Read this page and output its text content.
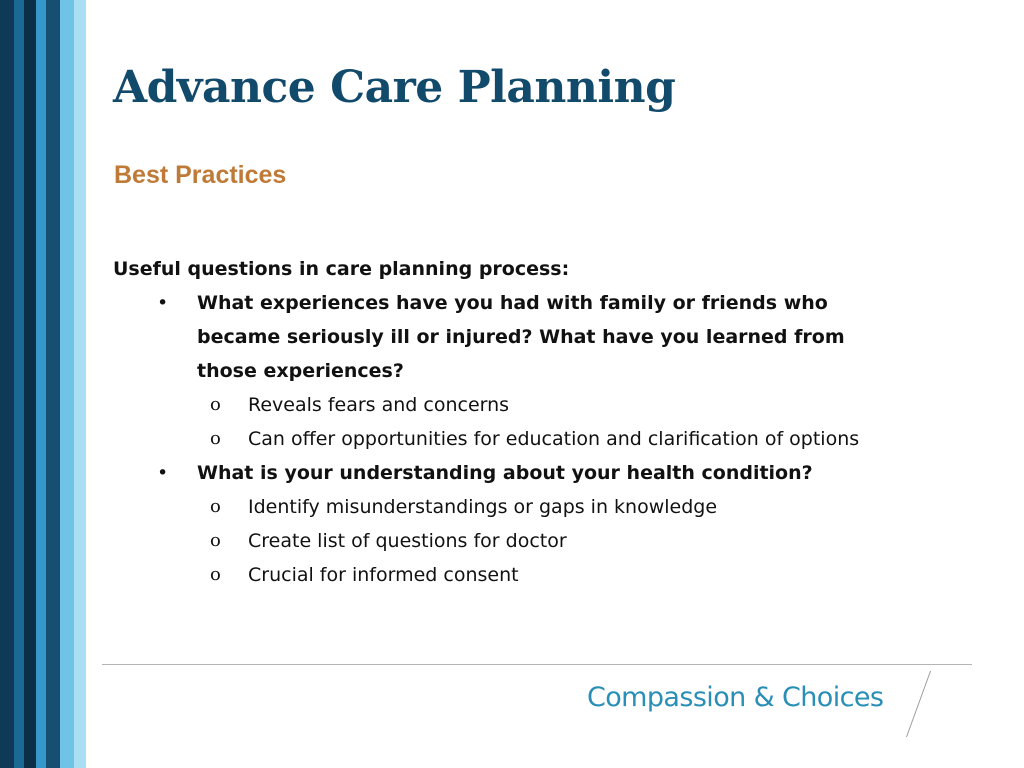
Advance Care Planning
Best Practices
Useful questions in care planning process:
• What experiences have you had with family or friends who became seriously ill or injured? What have you learned from those experiences?
o Reveals fears and concerns
o Can offer opportunities for education and clarification of options
• What is your understanding about your health condition?
o Identify misunderstandings or gaps in knowledge
o Create list of questions for doctor
o Crucial for informed consent
Compassion & Choices
